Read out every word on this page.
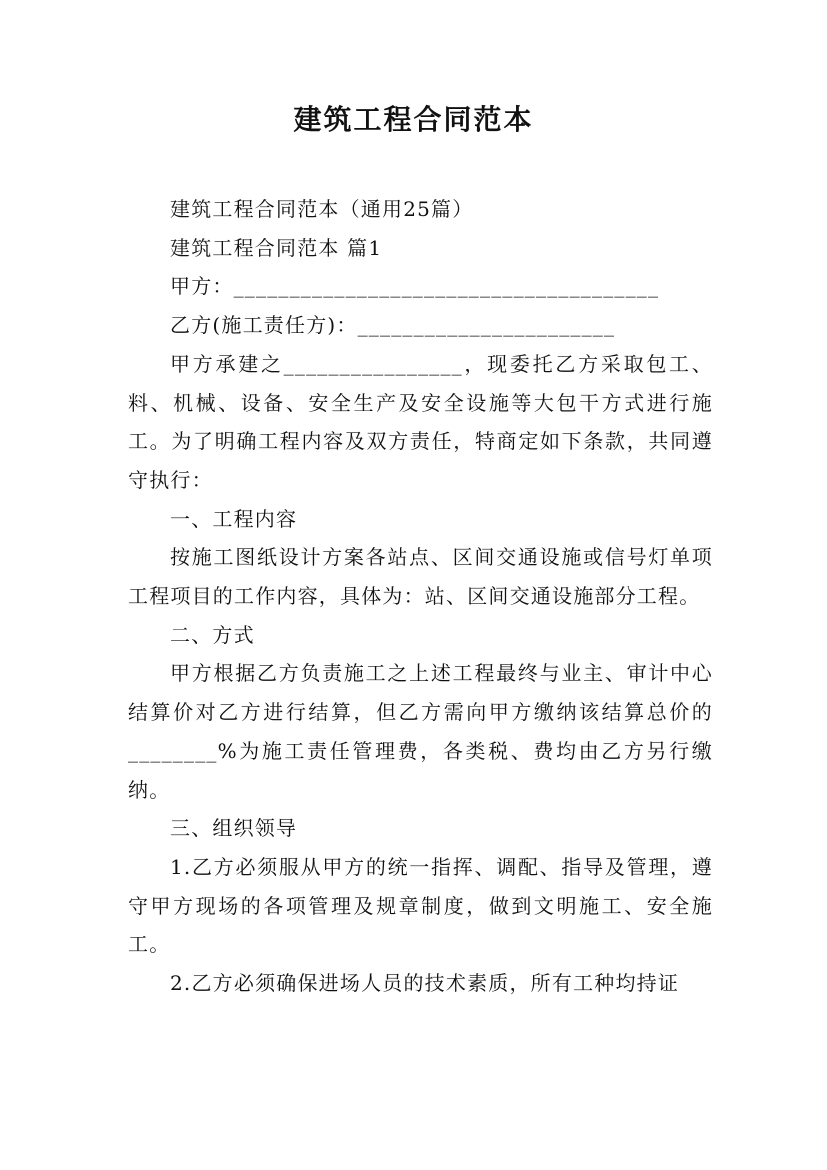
建筑工程合同范本

建筑工程合同范本（通用25篇）

建筑工程合同范本 篇1

甲方：______________________________________

乙方(施工责任方)：_______________________

甲方承建之________________，现委托乙方采取包工、料、机械、设备、安全生产及安全设施等大包干方式进行施工。为了明确工程内容及双方责任，特商定如下条款，共同遵守执行：

一、工程内容

按施工图纸设计方案各站点、区间交通设施或信号灯单项工程项目的工作内容，具体为：站、区间交通设施部分工程。

二、方式

甲方根据乙方负责施工之上述工程最终与业主、审计中心结算价对乙方进行结算，但乙方需向甲方缴纳该结算总价的________%为施工责任管理费，各类税、费均由乙方另行缴纳。

三、组织领导

1.乙方必须服从甲方的统一指挥、调配、指导及管理，遵守甲方现场的各项管理及规章制度，做到文明施工、安全施工。

2.乙方必须确保进场人员的技术素质，所有工种均持证
